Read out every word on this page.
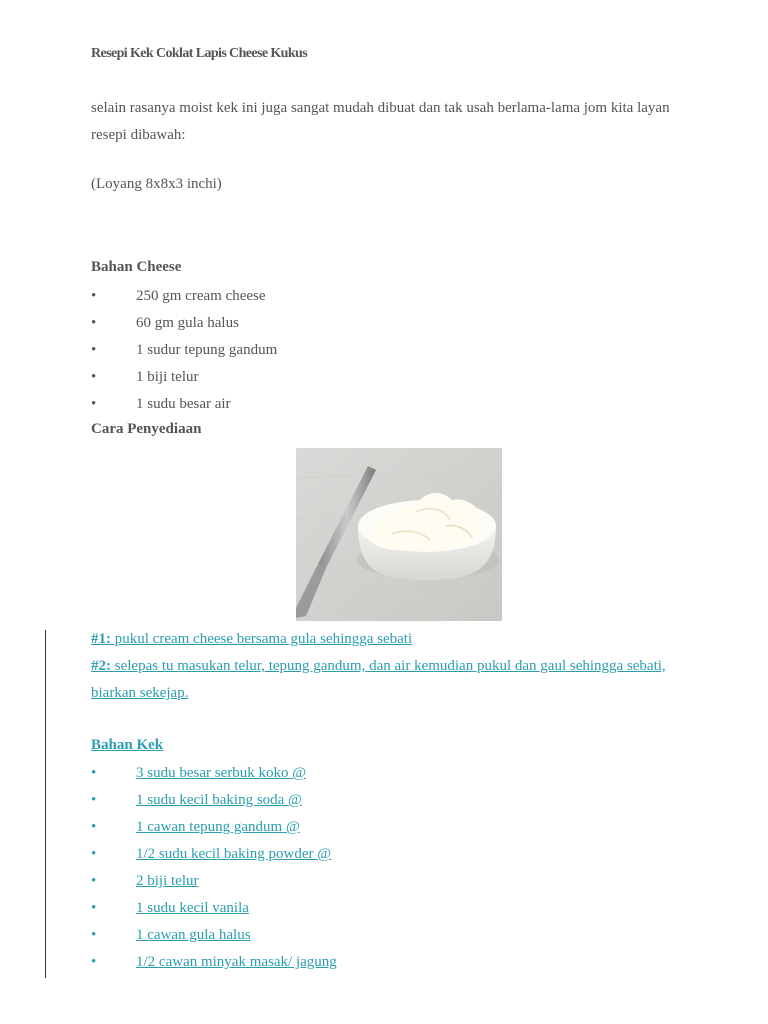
Resepi Kek Coklat Lapis Cheese Kukus
selain rasanya moist kek ini juga sangat mudah dibuat dan tak usah berlama-lama jom kita layan resepi dibawah:
(Loyang 8x8x3 inchi)
Bahan Cheese
•	250 gm cream cheese
•	60 gm gula halus
•	1 sudur tepung gandum
•	1 biji telur
•	1 sudu besar air
Cara Penyediaan
#1: pukul cream cheese bersama gula sehingga sebati
#2: selepas tu masukan telur, tepung gandum, dan air kemudian pukul dan gaul sehingga sebati, biarkan sekejap.
Bahan Kek
•	3 sudu besar serbuk koko @
•	1 sudu kecil baking soda @
•	1 cawan tepung gandum @
•	1/2 sudu kecil baking powder @
•	2 biji telur
•	1 sudu kecil vanila
•	1 cawan gula halus
•	1/2 cawan minyak masak/ jagung
